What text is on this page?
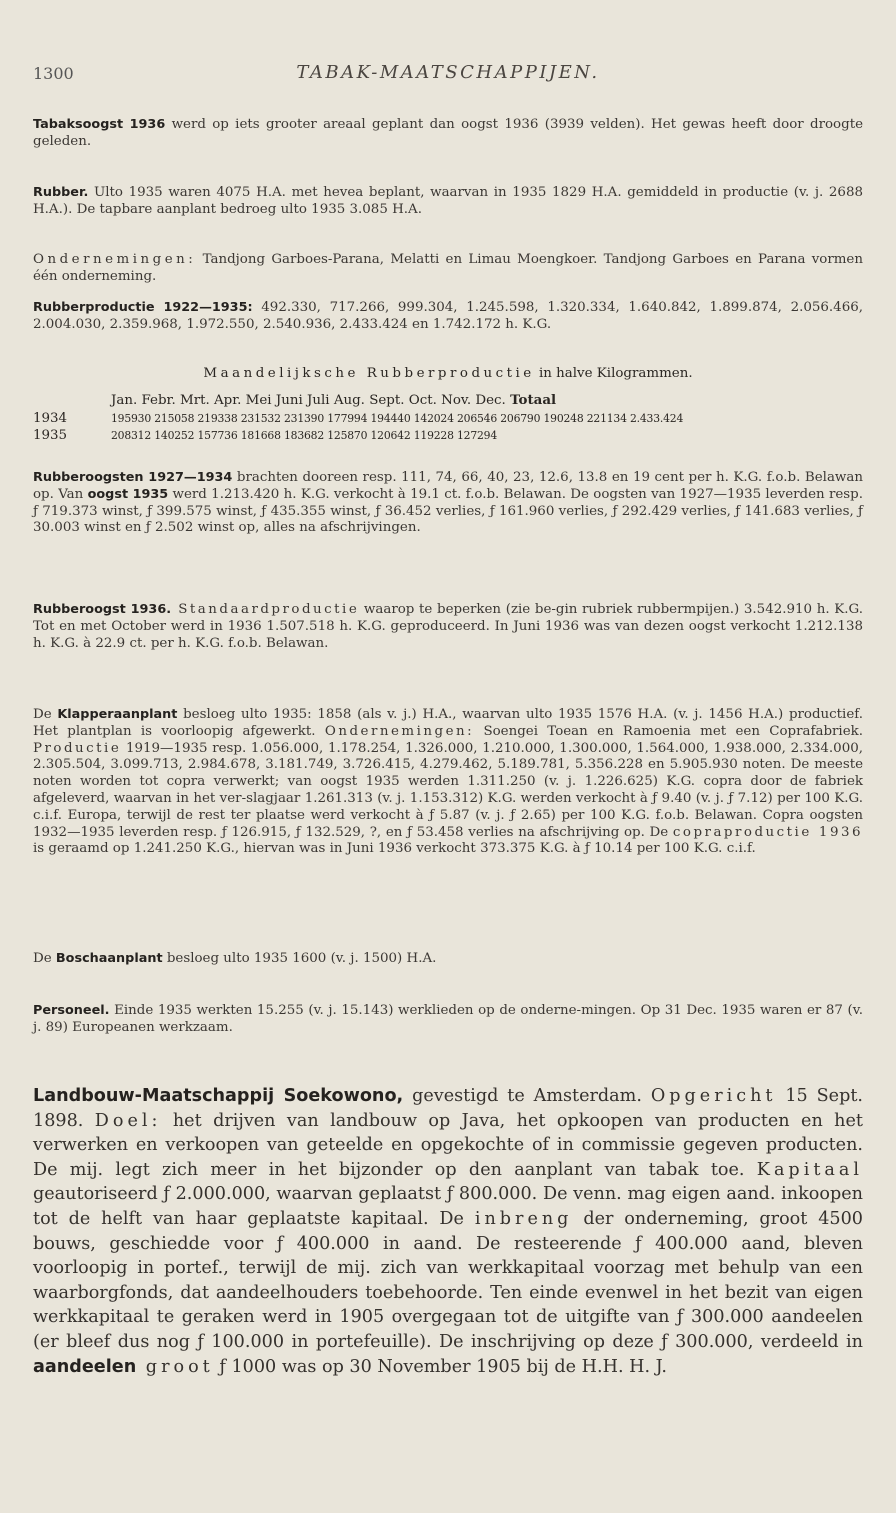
1300	TABAK-MAATSCHAPPIJEN.

Tabaksoogst 1936 werd op iets grooter areaal geplant dan oogst 1936 (3939 velden). Het gewas heeft door droogte geleden.

Rubber. Ulto 1935 waren 4075 H.A. met hevea beplant, waarvan in 1935 1829 H.A. gemiddeld in productie (v. j. 2688 H.A.). De tapbare aanplant bedroeg ulto 1935 3.085 H.A.

Ondernemingen: Tandjong Garboes-Parana, Melatti en Limau Moengkoer. Tandjong Garboes en Parana vormen één onderneming.

Rubberproductie 1922—1935: 492.330, 717.266, 999.304, 1.245.598, 1.320.334, 1.640.842, 1.899.874, 2.056.466, 2.004.030, 2.359.968, 1.972.550, 2.540.936, 2.433.424 en 1.742.172 h. K.G.

Maandelijksche Rubberproductie in halve Kilogrammen.
Jan. Febr. Mrt. Apr. Mei Juni Juli Aug. Sept. Oct. Nov. Dec. Totaal
1934	195930 215058 219338 231532 231390 177994 194440 142024 206546 206790 190248 221134 2.433.424
1935	208312 140252 157736 181668 183682 125870 120642 119228 127294

Rubberoogsten 1927—1934 brachten dooreen resp. 111, 74, 66, 40, 23, 12.6, 13.8 en 19 cent per h. K.G. f.o.b. Belawan op. Van oogst 1935 werd 1.213.420 h. K.G. verkocht à 19.1 ct. f.o.b. Belawan. De oogsten van 1927—1935 leverden resp. ƒ 719.373 winst, ƒ 399.575 winst, ƒ 435.355 winst, ƒ 36.452 verlies, ƒ 161.960 verlies, ƒ 292.429 verlies, ƒ 141.683 verlies, ƒ 30.003 winst en ƒ 2.502 winst op, alles na afschrijvingen.

Rubberoogst 1936. Standaardproductie waarop te beperken (zie be-gin rubriek rubbermpijen.) 3.542.910 h. K.G. Tot en met October werd in 1936 1.507.518 h. K.G. geproduceerd. In Juni 1936 was van dezen oogst verkocht 1.212.138 h. K.G. à 22.9 ct. per h. K.G. f.o.b. Belawan.

De Klapperaanplant besloeg ulto 1935: 1858 (als v. j.) H.A., waarvan ulto 1935 1576 H.A. (v. j. 1456 H.A.) productief. Het plantplan is voorloopig afgewerkt. Ondernemingen: Soengei Toean en Ramoenia met een Coprafabriek. Productie 1919—1935 resp. 1.056.000, 1.178.254, 1.326.000, 1.210.000, 1.300.000, 1.564.000, 1.938.000, 2.334.000, 2.305.504, 3.099.713, 2.984.678, 3.181.749, 3.726.415, 4.279.462, 5.189.781, 5.356.228 en 5.905.930 noten. De meeste noten worden tot copra verwerkt; van oogst 1935 werden 1.311.250 (v. j. 1.226.625) K.G. copra door de fabriek afgeleverd, waarvan in het ver-slagjaar 1.261.313 (v. j. 1.153.312) K.G. werden verkocht à ƒ 9.40 (v. j. ƒ 7.12) per 100 K.G. c.i.f. Europa, terwijl de rest ter plaatse werd verkocht à ƒ 5.87 (v. j. ƒ 2.65) per 100 K.G. f.o.b. Belawan. Copra oogsten 1932—1935 leverden resp. ƒ 126.915, ƒ 132.529, ?, en ƒ 53.458 verlies na afschrijving op. De copraproductie 1936 is geraamd op 1.241.250 K.G., hiervan was in Juni 1936 verkocht 373.375 K.G. à ƒ 10.14 per 100 K.G. c.i.f.

De Boschaanplant besloeg ulto 1935 1600 (v. j. 1500) H.A.

Personeel. Einde 1935 werkten 15.255 (v. j. 15.143) werklieden op de onderne-mingen. Op 31 Dec. 1935 waren er 87 (v. j. 89) Europeanen werkzaam.

Landbouw-Maatschappij Soekowono, gevestigd te Amsterdam. Opgericht 15 Sept. 1898. Doel: het drijven van landbouw op Java, het opkoopen van producten en het verwerken en verkoopen van geteelde en opgekochte of in commissie gegeven producten. De mij. legt zich meer in het bijzonder op den aanplant van tabak toe. Kapitaal geautoriseerd ƒ 2.000.000, waarvan geplaatst ƒ 800.000. De venn. mag eigen aand. inkoopen tot de helft van haar geplaatste kapitaal. De inbreng der onderneming, groot 4500 bouws, geschiedde voor ƒ 400.000 in aand. De resteerende ƒ 400.000 aand, bleven voorloopig in portef., terwijl de mij. zich van werkkapitaal voorzag met behulp van een waarborgfonds, dat aandeelhouders toebehoorde. Ten einde evenwel in het bezit van eigen werkkapitaal te geraken werd in 1905 overgegaan tot de uitgifte van ƒ 300.000 aandeelen (er bleef dus nog ƒ 100.000 in portefeuille). De inschrijving op deze ƒ 300.000, verdeeld in aandeelen groot ƒ 1000 was op 30 November 1905 bij de H.H. H. J.
